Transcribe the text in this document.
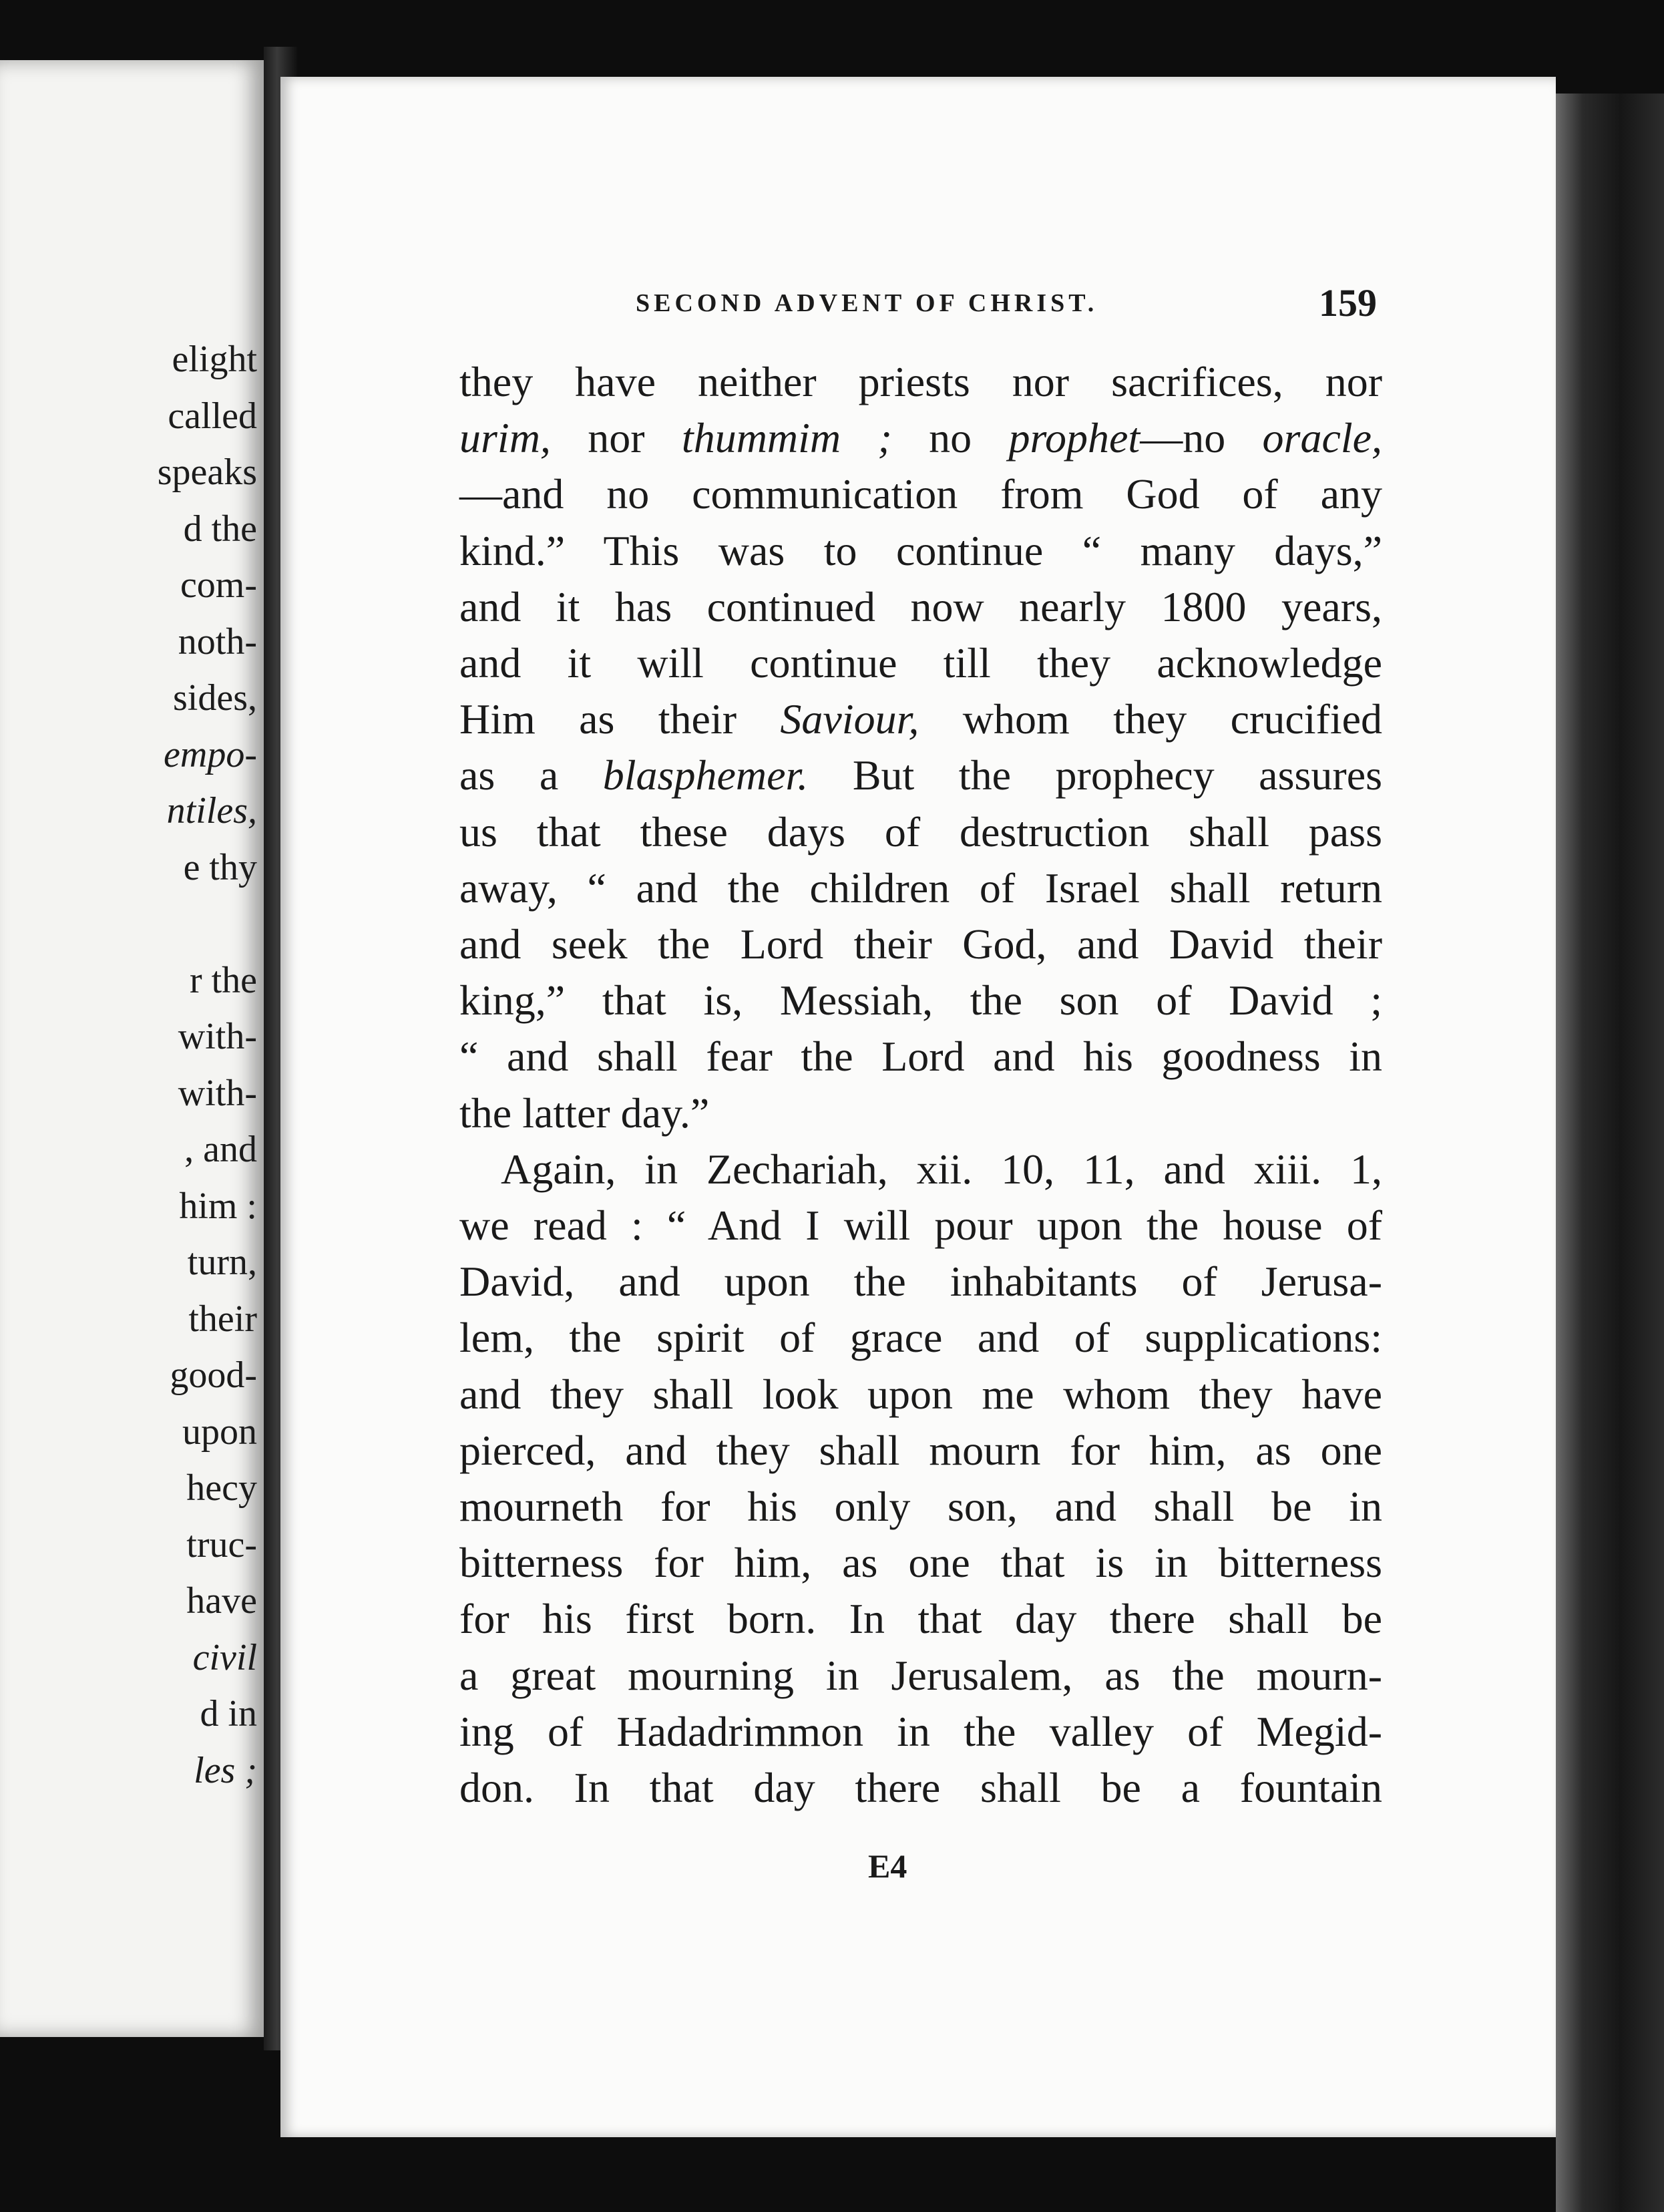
elight
called
speaks
d the
com-
noth-
sides,
empo-
ntiles,
e thy
r the
with-
with-
, and
him :
turn,
their
good-
upon
hecy
truc-
have
civil
d in
les ;
SECOND ADVENT OF CHRIST.	159
they have neither priests nor sacrifices, nor
urim, nor thummim ; no prophet—no oracle,
—and no communication from God of any
kind.” This was to continue “ many days,”
and it has continued now nearly 1800 years,
and it will continue till they acknowledge
Him as their Saviour, whom they crucified
as a blasphemer. But the prophecy assures
us that these days of destruction shall pass
away, “ and the children of Israel shall return
and seek the Lord their God, and David their
king,” that is, Messiah, the son of David ;
“ and shall fear the Lord and his goodness in
the latter day.”
Again, in Zechariah, xii. 10, 11, and xiii. 1,
we read : “ And I will pour upon the house of
David, and upon the inhabitants of Jerusa-
lem, the spirit of grace and of supplications:
and they shall look upon me whom they have
pierced, and they shall mourn for him, as one
mourneth for his only son, and shall be in
bitterness for him, as one that is in bitterness
for his first born. In that day there shall be
a great mourning in Jerusalem, as the mourn-
ing of Hadadrimmon in the valley of Megid-
don. In that day there shall be a fountain
E4
